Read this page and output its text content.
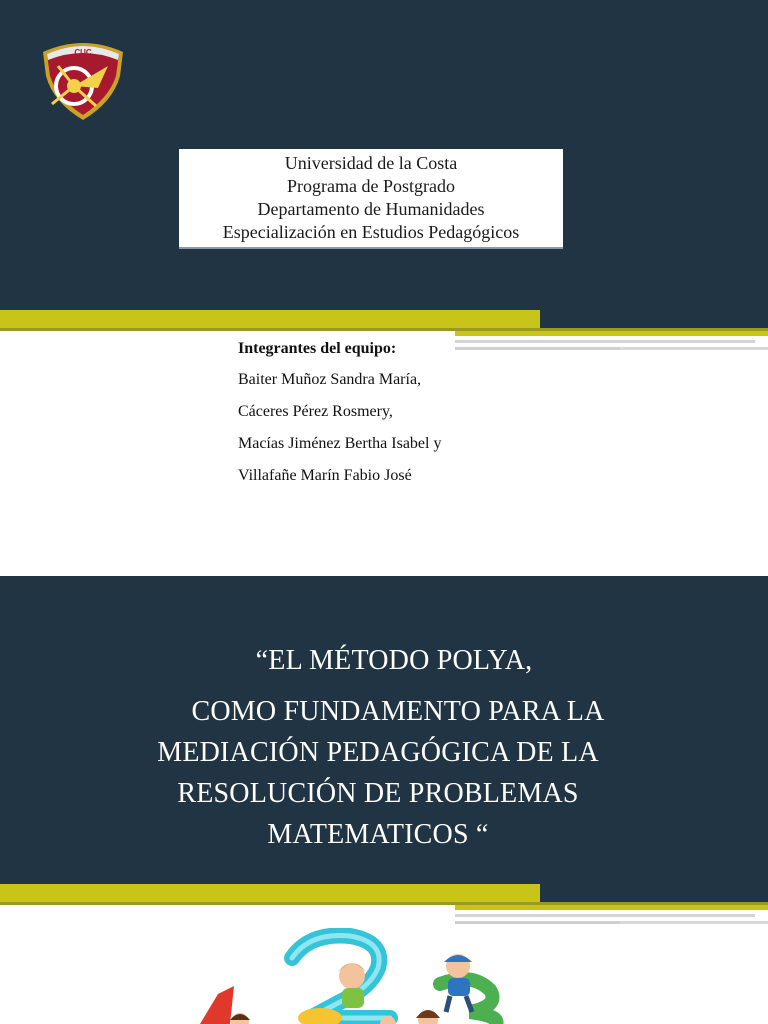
CUC
Universidad de la Costa
Programa de Postgrado
Departamento de Humanidades
Especialización en Estudios Pedagógicos
Integrantes del equipo:
Baiter Muñoz Sandra María,
Cáceres Pérez Rosmery,
Macías Jiménez Bertha Isabel y
Villafañe Marín Fabio José
“EL MÉTODO POLYA,
COMO FUNDAMENTO PARA LA
MEDIACIÓN PEDAGÓGICA DE LA
RESOLUCIÓN DE PROBLEMAS
MATEMATICOS “
